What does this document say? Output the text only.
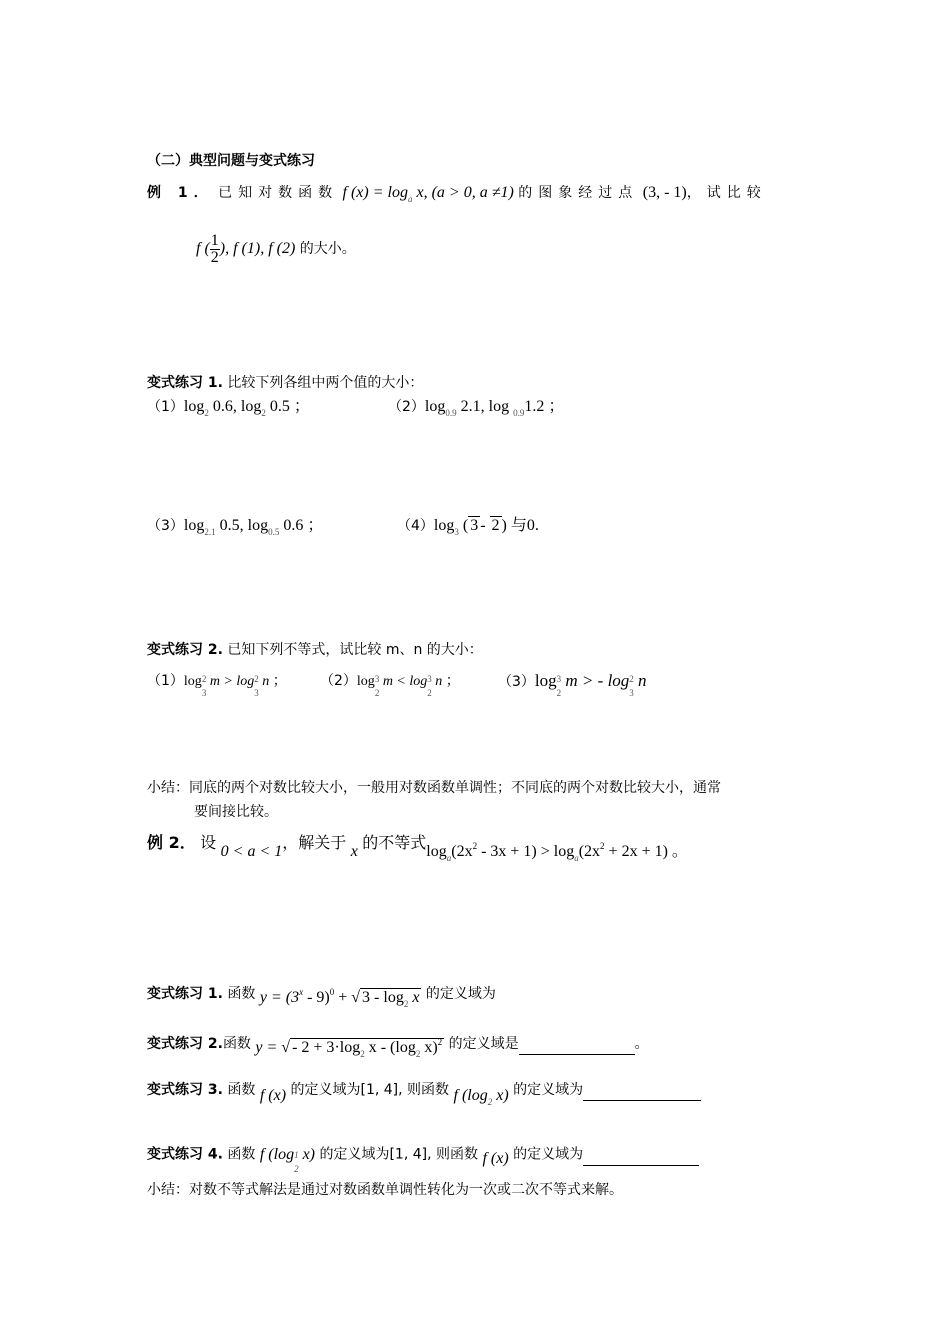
（二）典型问题与变式练习
例 1． 已知对数函数 f $(x) = \log_a x$, (a > 0, a ≠1) 的图象经过点 (3, - 1)，试比较
f ( $\frac{1}{2}$ ), f (1), f (2) 的大小。
变式练习 1. 比较下列各组中两个值的大小：
$(1)\log_2$ 0.6, $\log_2 0.5$ ；	$(2)\log_{0.9}$ 2.1, log $_{0.9}$1.2 ；
$(3)\log_{2.1}$ 0.5, $\log_{0.5} 0.6$ ；	$(4)\log_3$ ( 3 - 2 ) 与0.
变式练习 2. 已知下列不等式，试比较 m、n 的大小：
（1）log 2
3
m > log 2
3
n ； （2）log 3
2
m < log 3
2
n ；	（3）log 3
2
m > - log 2
3
n
小结：同底的两个对数比较大小，一般用对数函数单调性；不同底的两个对数比较大小，通常
要间接比较。
例 2． 设 0 < a < 1，解关于 x 的不等式$\log_a(2x^2 - 3x + 1) > \log_a(2x^2 + 2x + 1)$ 。
变式练习 1. 函数 $y = (3^x - 9)^0$ + √ $3 - \log_2 x$ 的定义域为
变式练习 2.函数 y = √ - $2 + 3\cdot\log_2$ x - ($\log_2$ x)$^2$ 的定义域是	。
变式练习 3. 函数 f (x) 的定义域为[1, 4], 则函数 f ($\log_2$ x) 的定义域为
变式练习 4. 函数 f (log 1
2
x) 的定义域为[1, 4], 则函数 f (x) 的定义域为
小结：对数不等式解法是通过对数函数单调性转化为一次或二次不等式来解。
